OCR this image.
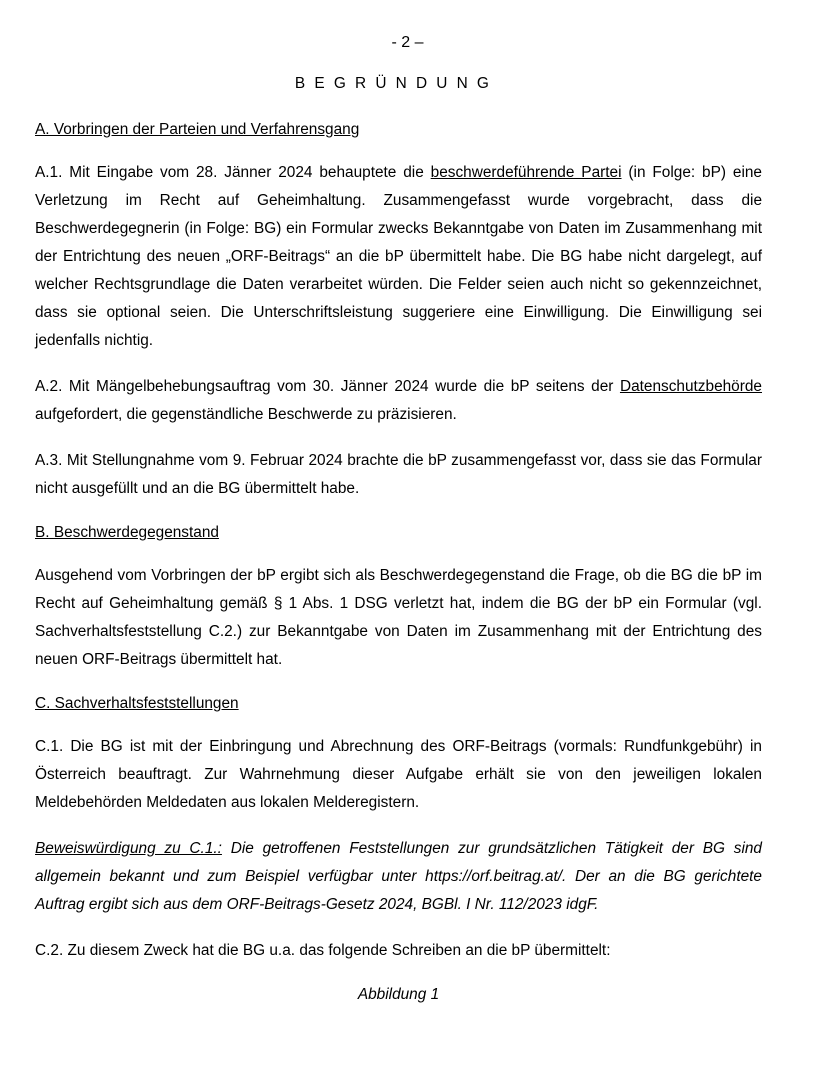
- 2 –
BEGRÜNDUNG
A. Vorbringen der Parteien und Verfahrensgang

A.1. Mit Eingabe vom 28. Jänner 2024 behauptete die beschwerdeführende Partei (in Folge: bP) eine Verletzung im Recht auf Geheimhaltung. Zusammengefasst wurde vorgebracht, dass die Beschwerdegegnerin (in Folge: BG) ein Formular zwecks Bekanntgabe von Daten im Zusammenhang mit der Entrichtung des neuen „ORF-Beitrags“ an die bP übermittelt habe. Die BG habe nicht dargelegt, auf welcher Rechtsgrundlage die Daten verarbeitet würden. Die Felder seien auch nicht so gekennzeichnet, dass sie optional seien. Die Unterschriftsleistung suggeriere eine Einwilligung. Die Einwilligung sei jedenfalls nichtig.

A.2. Mit Mängelbehebungsauftrag vom 30. Jänner 2024 wurde die bP seitens der Datenschutzbehörde aufgefordert, die gegenständliche Beschwerde zu präzisieren.

A.3. Mit Stellungnahme vom 9. Februar 2024 brachte die bP zusammengefasst vor, dass sie das Formular nicht ausgefüllt und an die BG übermittelt habe.

B. Beschwerdegegenstand

Ausgehend vom Vorbringen der bP ergibt sich als Beschwerdegegenstand die Frage, ob die BG die bP im Recht auf Geheimhaltung gemäß § 1 Abs. 1 DSG verletzt hat, indem die BG der bP ein Formular (vgl. Sachverhaltsfeststellung C.2.) zur Bekanntgabe von Daten im Zusammenhang mit der Entrichtung des neuen ORF-Beitrags übermittelt hat.

C. Sachverhaltsfeststellungen

C.1. Die BG ist mit der Einbringung und Abrechnung des ORF-Beitrags (vormals: Rundfunkgebühr) in Österreich beauftragt. Zur Wahrnehmung dieser Aufgabe erhält sie von den jeweiligen lokalen Meldebehörden Meldedaten aus lokalen Melderegistern.

Beweiswürdigung zu C.1.: Die getroffenen Feststellungen zur grundsätzlichen Tätigkeit der BG sind allgemein bekannt und zum Beispiel verfügbar unter https://orf.beitrag.at/. Der an die BG gerichtete Auftrag ergibt sich aus dem ORF-Beitrags-Gesetz 2024, BGBl. I Nr. 112/2023 idgF.

C.2. Zu diesem Zweck hat die BG u.a. das folgende Schreiben an die bP übermittelt:

Abbildung 1
